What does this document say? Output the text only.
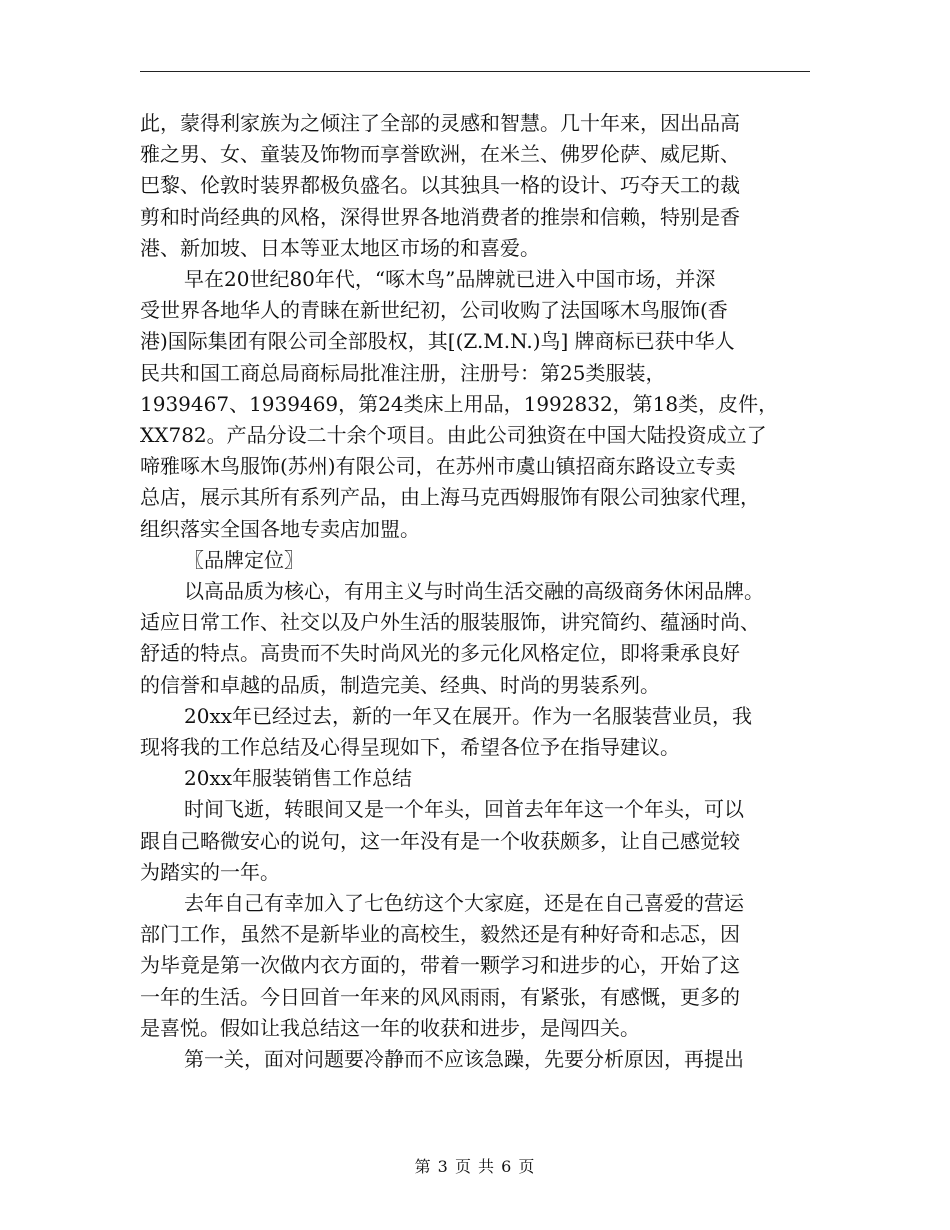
此，蒙得利家族为之倾注了全部的灵感和智慧。几十年来，因出品高

雅之男、女、童装及饰物而享誉欧洲，在米兰、佛罗伦萨、威尼斯、

巴黎、伦敦时装界都极负盛名。以其独具一格的设计、巧夺天工的裁

剪和时尚经典的风格，深得世界各地消费者的推崇和信赖，特别是香

港、新加坡、日本等亚太地区市场的和喜爱。

早在20世纪80年代，“啄木鸟”品牌就已进入中国市场，并深

受世界各地华人的青睐在新世纪初，公司收购了法国啄木鸟服饰(香

港)国际集团有限公司全部股权，其[(Z.M.N.)鸟] 牌商标已获中华人

民共和国工商总局商标局批准注册，注册号：第25类服装，

1939467、1939469，第24类床上用品，1992832，第18类，皮件，

XX782。产品分设二十余个项目。由此公司独资在中国大陆投资成立了

啼雅啄木鸟服饰(苏州)有限公司，在苏州市虞山镇招商东路设立专卖

总店，展示其所有系列产品，由上海马克西姆服饰有限公司独家代理，

组织落实全国各地专卖店加盟。

〖品牌定位〗

以高品质为核心，有用主义与时尚生活交融的高级商务休闲品牌。

适应日常工作、社交以及户外生活的服装服饰，讲究简约、蕴涵时尚、

舒适的特点。高贵而不失时尚风光的多元化风格定位，即将秉承良好

的信誉和卓越的品质，制造完美、经典、时尚的男装系列。

20xx年已经过去，新的一年又在展开。作为一名服装营业员，我

现将我的工作总结及心得呈现如下，希望各位予在指导建议。

20xx年服装销售工作总结

时间飞逝，转眼间又是一个年头，回首去年年这一个年头，可以

跟自己略微安心的说句，这一年没有是一个收获颇多，让自己感觉较

为踏实的一年。

去年自己有幸加入了七色纺这个大家庭，还是在自己喜爱的营运

部门工作，虽然不是新毕业的高校生，毅然还是有种好奇和忐忑，因

为毕竟是第一次做内衣方面的，带着一颗学习和进步的心，开始了这

一年的生活。今日回首一年来的风风雨雨，有紧张，有感慨，更多的

是喜悦。假如让我总结这一年的收获和进步，是闯四关。

第一关，面对问题要冷静而不应该急躁，先要分析原因，再提出

第 3 页 共 6 页
